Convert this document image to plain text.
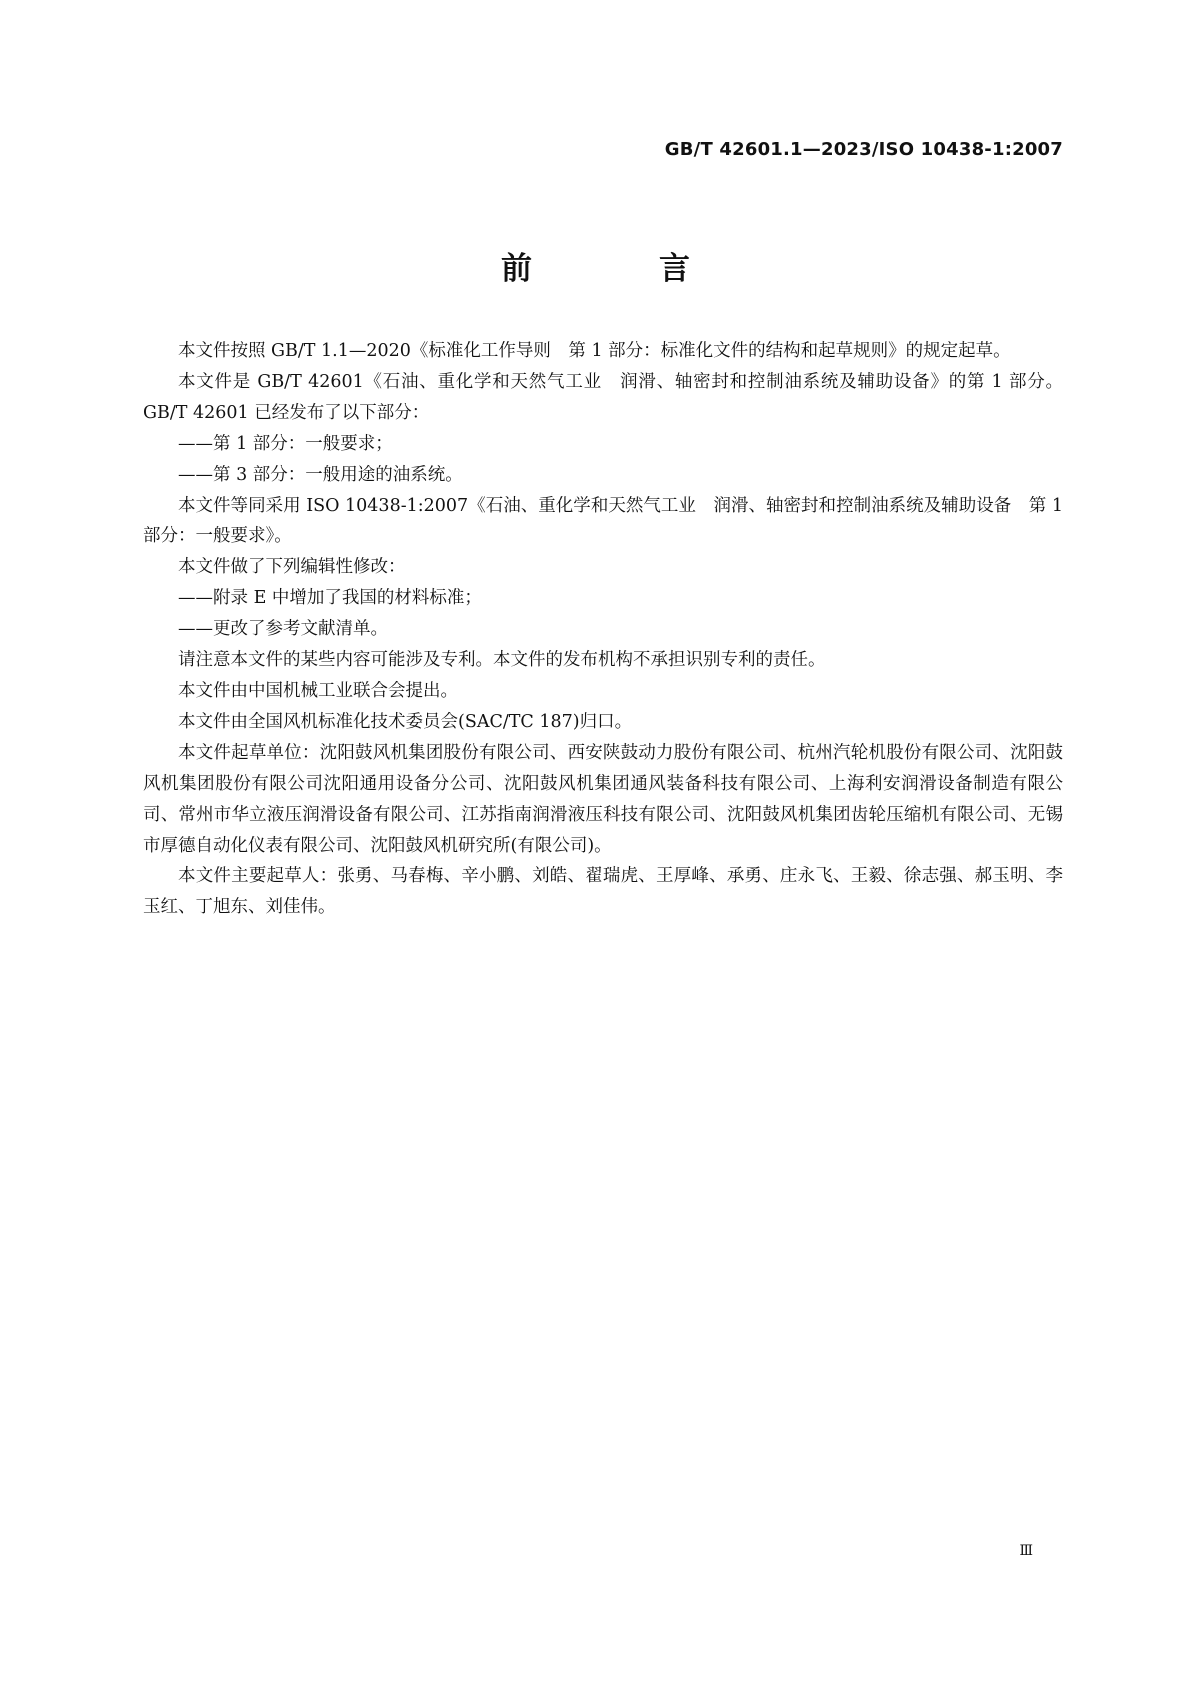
GB/T 42601.1—2023/ISO 10438-1:2007
前　言

本文件按照 GB/T 1.1—2020《标准化工作导则　第 1 部分：标准化文件的结构和起草规则》的规定起草。

本文件是 GB/T 42601《石油、重化学和天然气工业　润滑、轴密封和控制油系统及辅助设备》的第 1 部分。GB/T 42601 已经发布了以下部分：

——第 1 部分：一般要求；

——第 3 部分：一般用途的油系统。

本文件等同采用 ISO 10438-1:2007《石油、重化学和天然气工业　润滑、轴密封和控制油系统及辅助设备　第 1 部分：一般要求》。

本文件做了下列编辑性修改：

——附录 E 中增加了我国的材料标准；

——更改了参考文献清单。

请注意本文件的某些内容可能涉及专利。本文件的发布机构不承担识别专利的责任。

本文件由中国机械工业联合会提出。

本文件由全国风机标准化技术委员会(SAC/TC 187)归口。

本文件起草单位：沈阳鼓风机集团股份有限公司、西安陕鼓动力股份有限公司、杭州汽轮机股份有限公司、沈阳鼓风机集团股份有限公司沈阳通用设备分公司、沈阳鼓风机集团通风装备科技有限公司、上海利安润滑设备制造有限公司、常州市华立液压润滑设备有限公司、江苏指南润滑液压科技有限公司、沈阳鼓风机集团齿轮压缩机有限公司、无锡市厚德自动化仪表有限公司、沈阳鼓风机研究所(有限公司)。

本文件主要起草人：张勇、马春梅、辛小鹏、刘皓、翟瑞虎、王厚峰、承勇、庄永飞、王毅、徐志强、郝玉明、李玉红、丁旭东、刘佳伟。

Ⅲ
